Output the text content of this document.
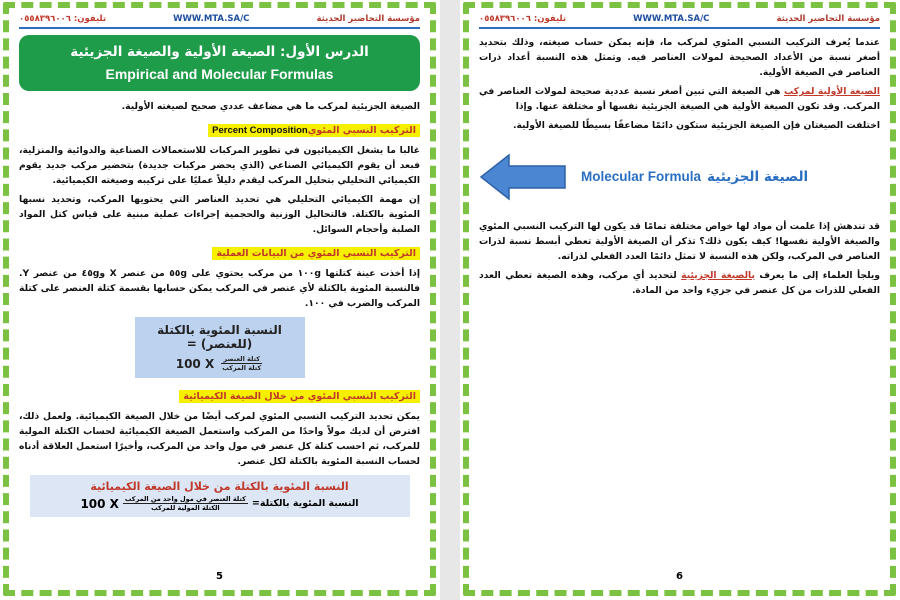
تليفون: ٠٥٥٨٣٩٦٠٠٦	WWW.MTA.SA/C	مؤسسة التحاضير الحديثة
الدرس الأول: الصيغة الأولية والصيغة الجزيئية
Empirical and Molecular Formulas
الصيغة الجزيئية لمركب ما هي مضاعف عددي صحيح لصيغته الأولية.
التركيب النسبي المئويPercent Composition
غالبا ما يشغل الكيميائيون في تطوير المركبات للاستعمالات الصناعية والدوائية والمنزلية، فبعد أن يقوم الكيميائي الصناعي (الذي يحضر مركبات جديدة) بتحضير مركب جديد يقوم الكيميائي التحليلي بتحليل المركب ليقدم دليلاً عمليًا على تركيبه وصيغته الكيميائية.
إن مهمة الكيميائي التحليلي هي تحديد العناصر التي يحتويها المركب، وتحديد نسبها المئوية بالكتلة. فالتحاليل الوزنية والحجمية إجراءات عملية مبنية على قياس كتل المواد الصلبة وأحجام السوائل.
التركيب النسبي المئوي من البيانات العملية
إذا أخذت عينة كتلتها ١٠٠g من مركب يحتوي على ٥٥g من عنصر X و٤٥g من عنصر Y. فالنسبة المئوية بالكتلة لأي عنصر في المركب يمكن حسابها بقسمة كتلة العنصر على كتلة المركب والضرب في ١٠٠.
النسبة المئوية بالكتلة (للعنصر) =
100 X $\frac{\text{كتلة العنصر}}{\text{كتلة المركب}}$
التركيب النسبي المئوي من خلال الصيغة الكيميائية
يمكن تحديد التركيب النسبي المئوي لمركب أيضًا من خلال الصيغة الكيميائية. ولعمل ذلك، افترض أن لديك مولاً واحدًا من المركب واستعمل الصيغة الكيميائية لحساب الكتلة المولية للمركب، ثم احسب كتلة كل عنصر في مول واحد من المركب، وأخيرًا استعمل العلاقة أدناه لحساب النسبة المئوية بالكتلة لكل عنصر.
النسبة المئوية بالكتلة من خلال الصيغة الكيميائية
100 X $\frac{\text{كتلة العنصر في مول واحد من المركب}}{\text{الكتلة المولية للمركب}}$ النسبة المئوية بالكتلة=
5
تليفون: ٠٥٥٨٣٩٦٠٠٦	WWW.MTA.SA/C	مؤسسة التحاضير الحديثة
عندما يُعرف التركيب النسبي المئوي لمركب ما، فإنه يمكن حساب صيغته، وذلك بتحديد أصغر نسبة من الأعداد الصحيحة لمولات العناصر فيه. وتمثل هذه النسبة أعداد ذرات العناصر في الصيغة الأولية.
الصيغة الأولية لمركب هي الصيغة التي تبين أصغر نسبة عددية صحيحة لمولات العناصر في المركب. وقد تكون الصيغة الأولية هي الصيغة الجزيئية نفسها أو مختلفة عنها. وإذا
اختلفت الصيغتان فإن الصيغة الجزيئية ستكون دائمًا مضاعفًا بسيطًا للصيغة الأولية.
Molecular Formula الصيغة الجزيئية
قد تندهش إذا علمت أن مواد لها خواص مختلفة تمامًا قد يكون لها التركيب النسبي المئوي والصيغة الأولية نفسها! كيف يكون ذلك؟ تذكر أن الصيغة الأولية تعطي أبسط نسبة لذرات العناصر في المركب، ولكن هذه النسبة لا تمثل دائمًا العدد الفعلي لذراته.
ويلجأ العلماء إلى ما يعرف بالصيغة الجزيئية لتحديد أي مركب، وهذه الصيغة تعطي العدد الفعلي للذرات من كل عنصر في جزيء واحد من المادة.
6
